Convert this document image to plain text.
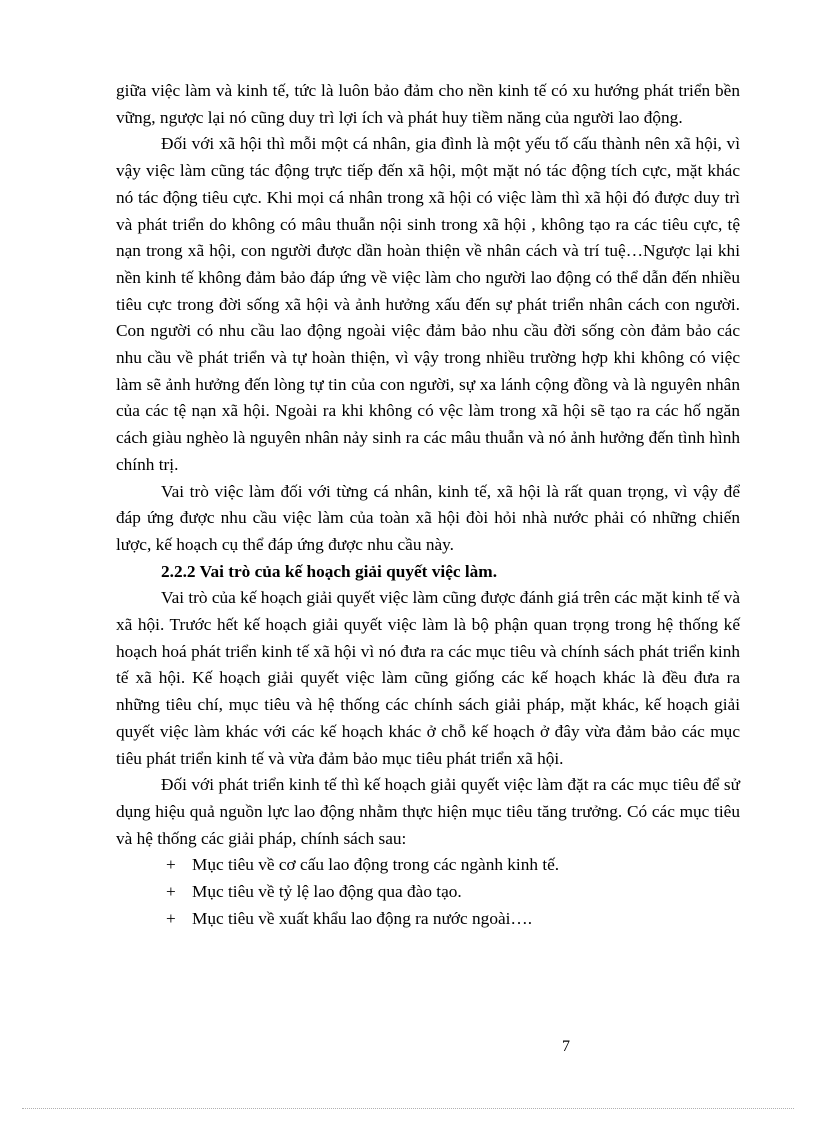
giữa việc làm và kinh tế, tức là luôn bảo đảm cho nền kinh tế có xu hướng phát triển bền vững, ngược lại nó cũng duy trì lợi ích và phát huy tiềm năng của người lao động.

Đối với xã hội thì mỗi một cá nhân, gia đình là một yếu tố cấu thành nên xã hội, vì vậy việc làm cũng tác động trực tiếp đến xã hội, một mặt nó tác động tích cực, mặt khác nó tác động tiêu cực. Khi mọi cá nhân trong xã hội có việc làm thì xã hội đó được duy trì và phát triển do không có mâu thuẫn nội sinh trong xã hội , không tạo ra các tiêu cực, tệ nạn trong xã hội, con người được dần hoàn thiện về nhân cách và trí tuệ…Ngược lại khi nền kinh tế không đảm bảo đáp ứng về việc làm cho người lao động có thể dẫn đến nhiều tiêu cực trong đời sống xã hội và ảnh hưởng xấu đến sự phát triển nhân cách con người. Con người có nhu cầu lao động ngoài việc đảm bảo nhu cầu đời sống còn đảm bảo các nhu cầu về phát triển và tự hoàn thiện, vì vậy trong nhiều trường hợp khi không có việc làm sẽ ảnh hưởng đến lòng tự tin của con người, sự xa lánh cộng đồng và là nguyên nhân của các tệ nạn xã hội. Ngoài ra khi không có vệc làm trong xã hội sẽ tạo ra các hố ngăn cách giàu nghèo là nguyên nhân nảy sinh ra các mâu thuẫn và nó ảnh hưởng đến tình hình chính trị.

Vai trò việc làm đối với từng cá nhân, kinh tế, xã hội là rất quan trọng, vì vậy để đáp ứng được nhu cầu việc làm của toàn xã hội đòi hỏi nhà nước phải có những chiến lược, kế hoạch cụ thể đáp ứng được nhu cầu này.

2.2.2 Vai trò của kế hoạch giải quyết việc làm.

Vai trò của kế hoạch giải quyết việc làm cũng được đánh giá trên các mặt kinh tế và xã hội. Trước hết kế hoạch giải quyết việc làm là bộ phận quan trọng trong hệ thống kế hoạch hoá phát triển kinh tế xã hội vì nó đưa ra các mục tiêu và chính sách phát triển kinh tế xã hội. Kế hoạch giải quyết việc làm cũng giống các kế hoạch khác là đều đưa ra những tiêu chí, mục tiêu và hệ thống các chính sách giải pháp, mặt khác, kế hoạch giải quyết việc làm khác với các kế hoạch khác ở chỗ kế hoạch ở đây vừa đảm bảo các mục tiêu phát triển kinh tế và vừa đảm bảo mục tiêu phát triển xã hội.

Đối với phát triển kinh tế thì kế hoạch giải quyết việc làm đặt ra các mục tiêu để sử dụng hiệu quả nguồn lực lao động nhằm thực hiện mục tiêu tăng trưởng. Có các mục tiêu và hệ thống các giải pháp, chính sách sau:

+ Mục tiêu về cơ cấu lao động trong các ngành kinh tế.

+ Mục tiêu về tỷ lệ lao động qua đào tạo.

+ Mục tiêu về xuất khẩu lao động ra nước ngoài….

7
